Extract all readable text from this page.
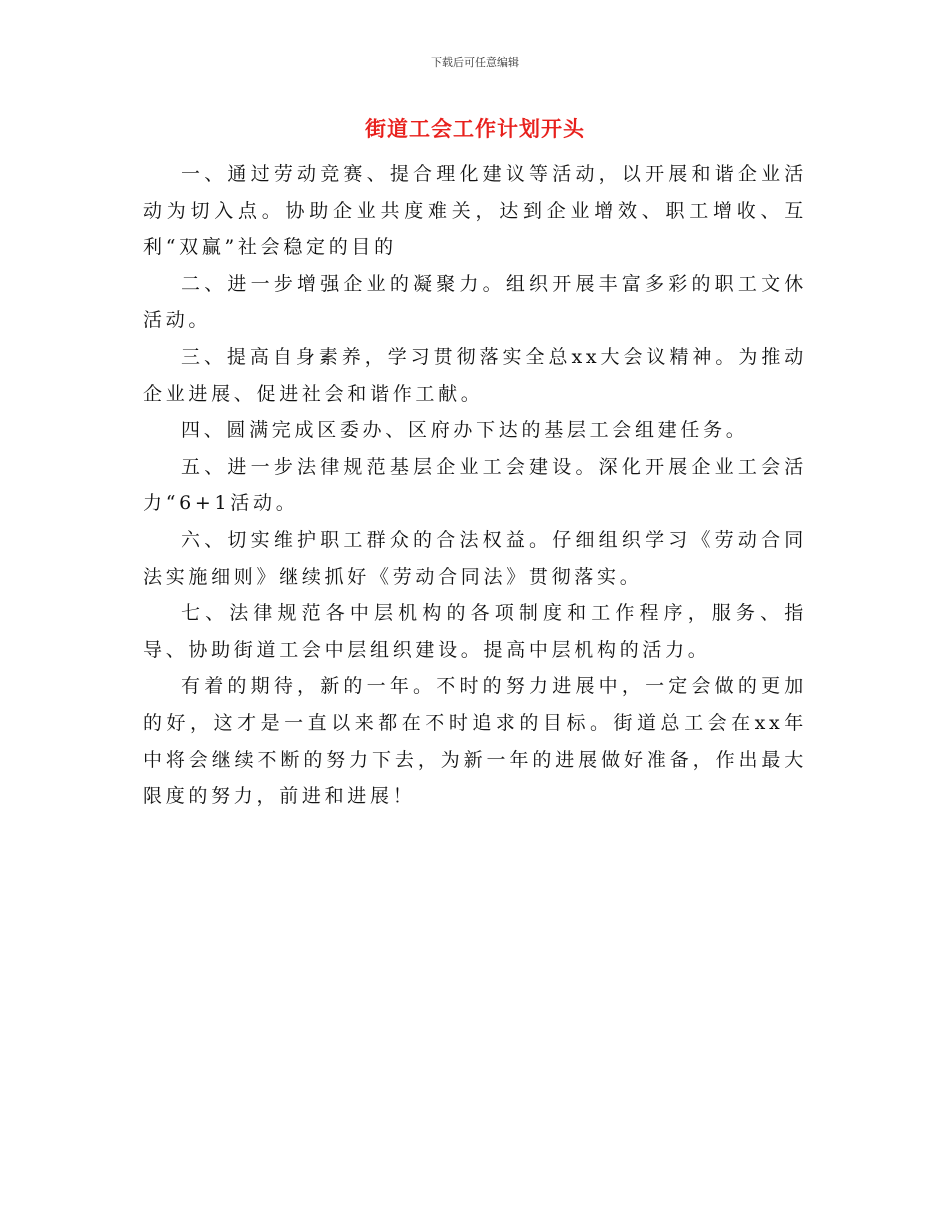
下载后可任意编辑
街道工会工作计划开头

一、通过劳动竞赛、提合理化建议等活动，以开展和谐企业活动为切入点。协助企业共度难关，达到企业增效、职工增收、互利“双赢”社会稳定的目的

二、进一步增强企业的凝聚力。组织开展丰富多彩的职工文休活动。

三、提高自身素养，学习贯彻落实全总xx大会议精神。为推动企业进展、促进社会和谐作工献。

四、圆满完成区委办、区府办下达的基层工会组建任务。

五、进一步法律规范基层企业工会建设。深化开展企业工会活力“6+1活动。

六、切实维护职工群众的合法权益。仔细组织学习《劳动合同法实施细则》继续抓好《劳动合同法》贯彻落实。

七、法律规范各中层机构的各项制度和工作程序，服务、指导、协助街道工会中层组织建设。提高中层机构的活力。

有着的期待，新的一年。不时的努力进展中，一定会做的更加的好，这才是一直以来都在不时追求的目标。街道总工会在xx年中将会继续不断的努力下去，为新一年的进展做好准备，作出最大限度的努力，前进和进展！
